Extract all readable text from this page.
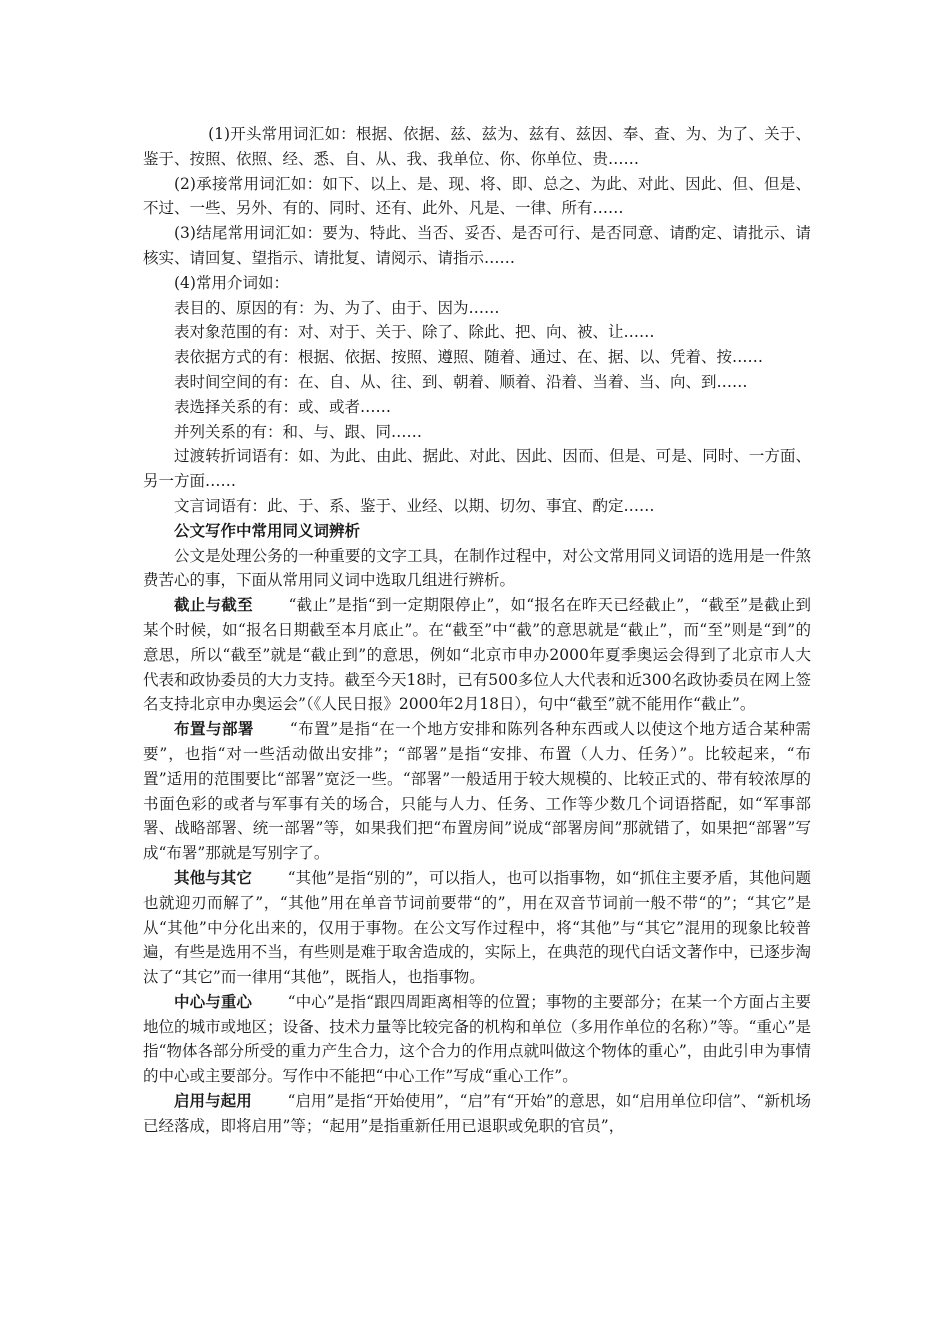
(1)开头常用词汇如：根据、依据、兹、兹为、兹有、兹因、奉、查、为、为了、关于、鉴于、按照、依照、经、悉、自、从、我、我单位、你、你单位、贵……

(2)承接常用词汇如：如下、以上、是、现、将、即、总之、为此、对此、因此、但、但是、不过、一些、另外、有的、同时、还有、此外、凡是、一律、所有……

(3)结尾常用词汇如：要为、特此、当否、妥否、是否可行、是否同意、请酌定、请批示、请核实、请回复、望指示、请批复、请阅示、请指示……

(4)常用介词如：

表目的、原因的有：为、为了、由于、因为……

表对象范围的有：对、对于、关于、除了、除此、把、向、被、让……

表依据方式的有：根据、依据、按照、遵照、随着、通过、在、据、以、凭着、按……

表时间空间的有：在、自、从、往、到、朝着、顺着、沿着、当着、当、向、到……

表选择关系的有：或、或者……

并列关系的有：和、与、跟、同……

过渡转折词语有：如、为此、由此、据此、对此、因此、因而、但是、可是、同时、一方面、另一方面……

文言词语有：此、于、系、鉴于、业经、以期、切勿、事宜、酌定……

公文写作中常用同义词辨析

公文是处理公务的一种重要的文字工具，在制作过程中，对公文常用同义词语的选用是一件煞费苦心的事，下面从常用同义词中选取几组进行辨析。

截止与截至 “截止”是指“到一定期限停止”，如“报名在昨天已经截止”，“截至”是截止到某个时候，如“报名日期截至本月底止”。在“截至”中“截”的意思就是“截止”，而“至”则是“到”的意思，所以“截至”就是“截止到”的意思，例如“北京市申办2000年夏季奥运会得到了北京市人大代表和政协委员的大力支持。截至今天18时，已有500多位人大代表和近300名政协委员在网上签名支持北京申办奥运会”（《人民日报》2000年2月18日），句中“截至”就不能用作“截止”。

布置与部署 “布置”是指“在一个地方安排和陈列各种东西或人以使这个地方适合某种需要”，也指“对一些活动做出安排”；“部署”是指“安排、布置（人力、任务）”。比较起来，“布置”适用的范围要比“部署”宽泛一些。“部署”一般适用于较大规模的、比较正式的、带有较浓厚的书面色彩的或者与军事有关的场合，只能与人力、任务、工作等少数几个词语搭配，如“军事部署、战略部署、统一部署”等，如果我们把“布置房间”说成“部署房间”那就错了，如果把“部署”写成“布署”那就是写别字了。

其他与其它 “其他”是指“别的”，可以指人，也可以指事物，如“抓住主要矛盾，其他问题也就迎刃而解了”，“其他”用在单音节词前要带“的”，用在双音节词前一般不带“的”；“其它”是从“其他”中分化出来的，仅用于事物。在公文写作过程中，将“其他”与“其它”混用的现象比较普遍，有些是选用不当，有些则是难于取舍造成的，实际上，在典范的现代白话文著作中，已逐步淘汰了“其它”而一律用“其他”，既指人，也指事物。

中心与重心 “中心”是指“跟四周距离相等的位置；事物的主要部分；在某一个方面占主要地位的城市或地区；设备、技术力量等比较完备的机构和单位（多用作单位的名称）”等。“重心”是指“物体各部分所受的重力产生合力，这个合力的作用点就叫做这个物体的重心”，由此引申为事情的中心或主要部分。写作中不能把“中心工作”写成“重心工作”。

启用与起用 “启用”是指“开始使用”，“启”有“开始”的意思，如“启用单位印信”、“新机场已经落成，即将启用”等；“起用”是指重新任用已退职或免职的官员”，
